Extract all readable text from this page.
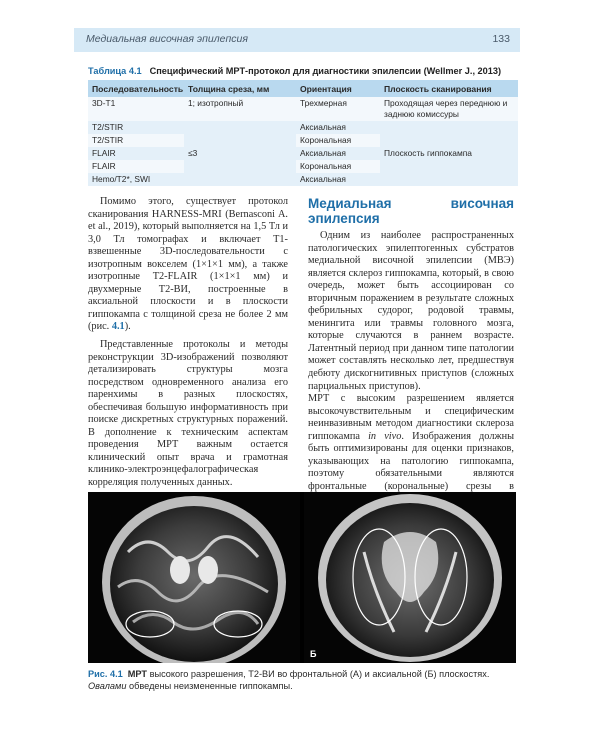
Медиальная височная эпилепсия	133
Таблица 4.1 Специфический МРТ-протокол для диагностики эпилепсии (Wellmer J., 2013)
Последовательность	Толщина среза, мм	Ориентация	Плоскость сканирования
3D-T1	1; изотропный	Трехмерная	Проходящая через переднюю и заднюю комиссуры
T2/STIR	≤3	Аксиальная	Плоскость гиппокампа
T2/STIR		Корональная	
FLAIR		Аксиальная	
FLAIR		Корональная	
Hemo/T2*, SWI		Аксиальная	

Помимо этого, существует протокол сканирования HARNESS-MRI (Bernasconi A. et al., 2019), который выполняется на 1,5 Тл и 3,0 Тл томографах и включает T1-взвешенные 3D-последовательности с изотропным вокселем (1×1×1 мм), а также изотропные T2-FLAIR (1×1×1 мм) и двухмерные T2-ВИ, построенные в аксиальной плоскости и в плоскости гиппокампа с толщиной среза не более 2 мм (рис. 4.1).

Представленные протоколы и методы реконструкции 3D-изображений позволяют детализировать структуры мозга посредством одновременного анализа его паренхимы в разных плоскостях, обеспечивая большую информативность при поиске дискретных структурных поражений. В дополнение к техническим аспектам проведения МРТ важным остается клинический опыт врача и грамотная клинико-электроэнцефалографическая корреляция полученных данных.

Медиальная височная эпилепсия

Одним из наиболее распространенных патологических эпилептогенных субстратов медиальной височной эпилепсии (МВЭ) является склероз гиппокампа, который, в свою очередь, может быть ассоциирован со вторичным поражением в результате сложных фебрильных судорог, родовой травмы, менингита или травмы головного мозга, которые случаются в раннем возрасте. Латентный период при данном типе патологии может составлять несколько лет, предшествуя дебюту дискогнитивных приступов (сложных парциальных приступов).

МРТ с высоким разрешением является высокочувствительным и специфическим неинвазивным методом диагностики склероза гиппокампа in vivo. Изображения должны быть оптимизированы для оценки признаков, указывающих на патологию гиппокампа, поэтому обязательными являются фронтальные (корональные) срезы в

Б
Рис. 4.1 МРТ высокого разрешения, T2-ВИ во фронтальной (А) и аксиальной (Б) плоскостях. Овалами обведены неизмененные гиппокампы.
